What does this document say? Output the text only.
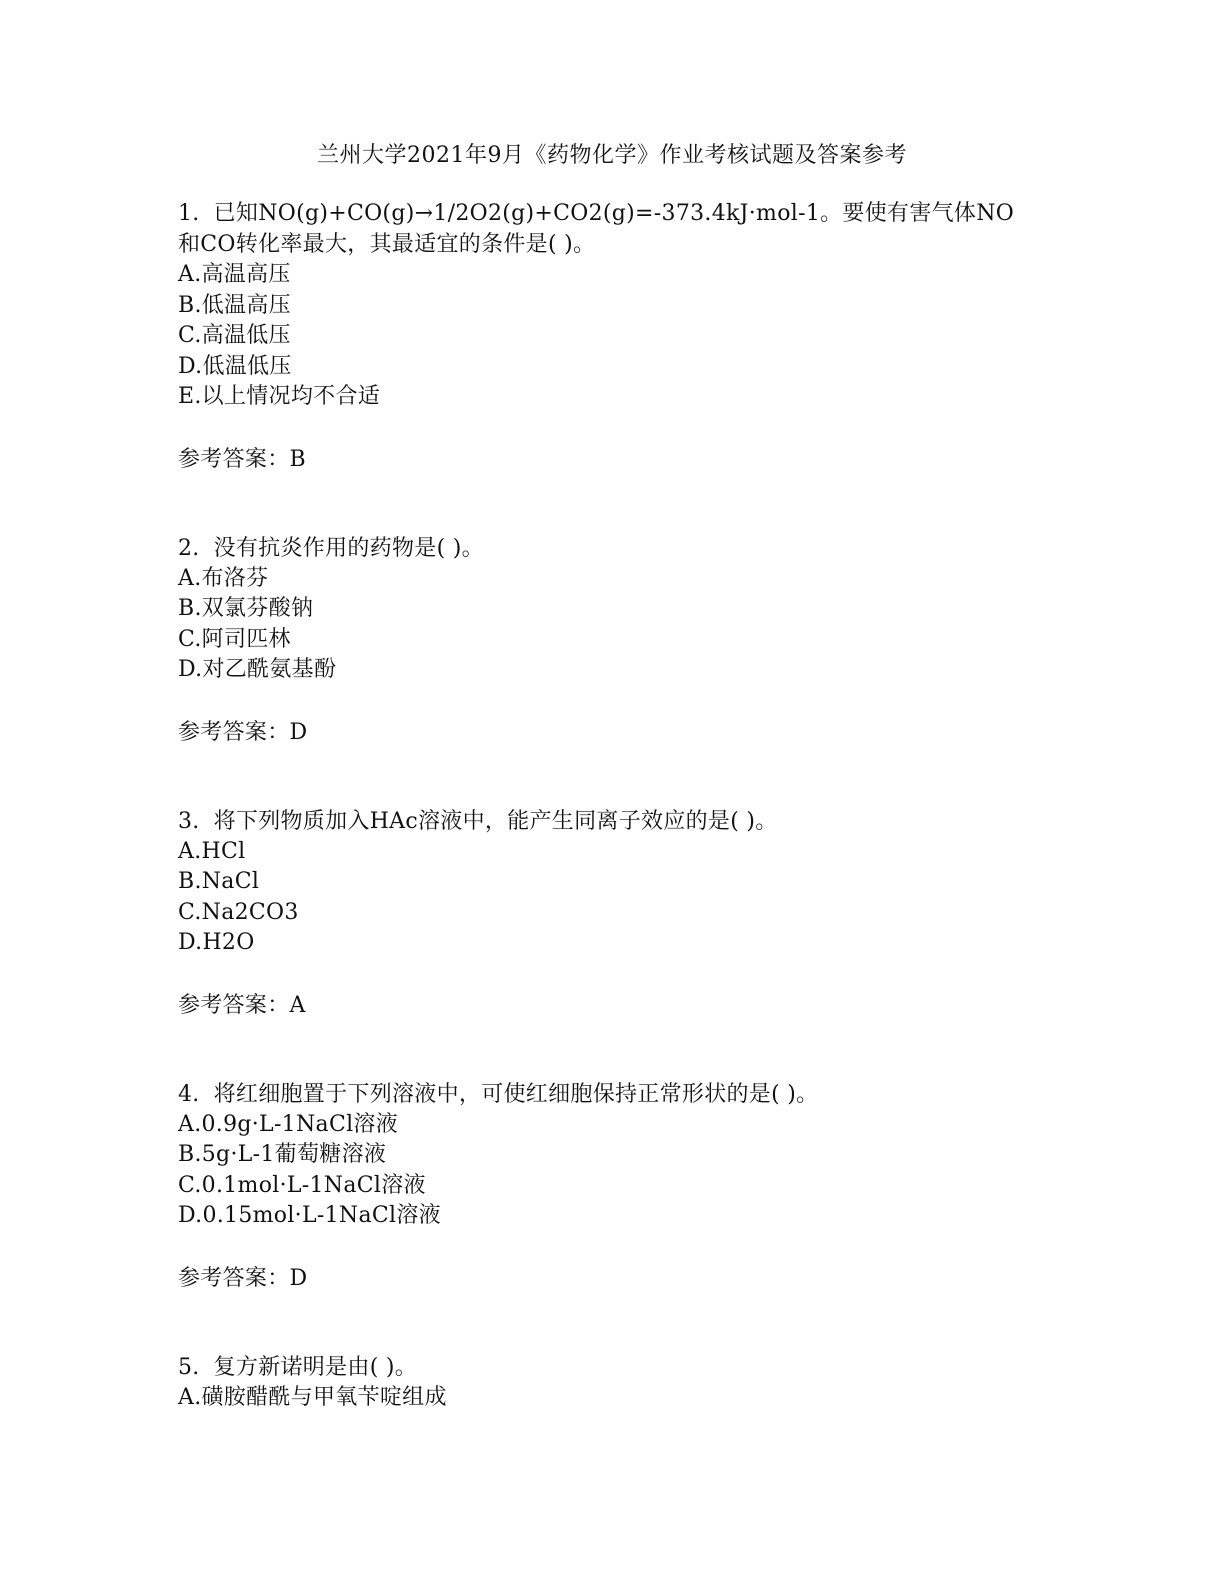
兰州大学2021年9月《药物化学》作业考核试题及答案参考

1. 已知NO(g)+CO(g)→1/2O2(g)+CO2(g)=-373.4kJ·mol-1。要使有害气体NO和CO转化率最大，其最适宜的条件是( )。

A.高温高压
B.低温高压
C.高温低压
D.低温低压
E.以上情况均不合适

参考答案：B

2. 没有抗炎作用的药物是( )。

A.布洛芬
B.双氯芬酸钠
C.阿司匹林
D.对乙酰氨基酚

参考答案：D

3. 将下列物质加入HAc溶液中，能产生同离子效应的是( )。

A.HCl
B.NaCl
C.Na2CO3
D.H2O

参考答案：A

4. 将红细胞置于下列溶液中，可使红细胞保持正常形状的是( )。

A.0.9g·L-1NaCl溶液
B.5g·L-1葡萄糖溶液
C.0.1mol·L-1NaCl溶液
D.0.15mol·L-1NaCl溶液

参考答案：D

5. 复方新诺明是由( )。

A.磺胺醋酰与甲氧苄啶组成
